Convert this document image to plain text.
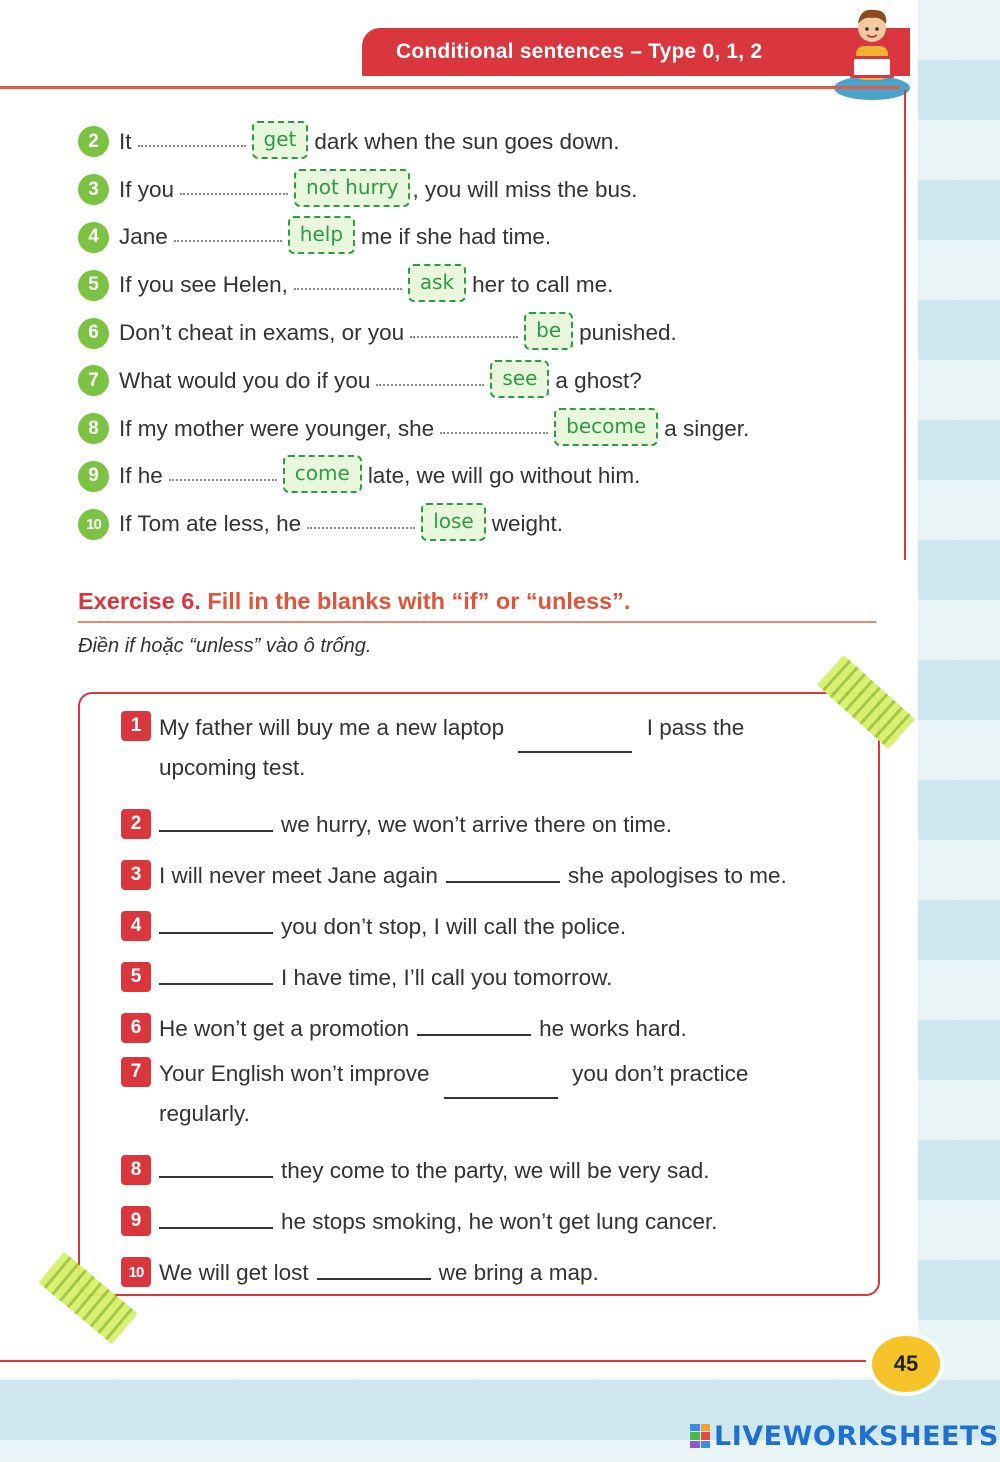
Conditional sentences – Type 0, 1, 2
2 It	get dark when the sun goes down.
3 If you	not hurry , you will miss the bus.
4 Jane	help me if she had time.
5 If you see Helen,	ask her to call me.
6 Don’t cheat in exams, or you	be punished.
7 What would you do if you	see a ghost?
8 If my mother were younger, she	become a singer.
9 If he	come late, we will go without him.
10 If Tom ate less, he	lose weight.
Exercise 6. Fill in the blanks with “if” or “unless”.
Điền if hoặc “unless” vào ô trống.
1 My father will buy me a new laptop	I pass the
upcoming test.
2	we hurry, we won’t arrive there on time.
3 I will never meet Jane again	she apologises to me.
4	you don’t stop, I will call the police.
5	I have time, I’ll call you tomorrow.
6 He won’t get a promotion	he works hard.
7 Your English won’t improve	you don’t practice
regularly.
8	they come to the party, we will be very sad.
9	he stops smoking, he won’t get lung cancer.
10 We will get lost	we bring a map.
45
LIVEWORKSHEETS
